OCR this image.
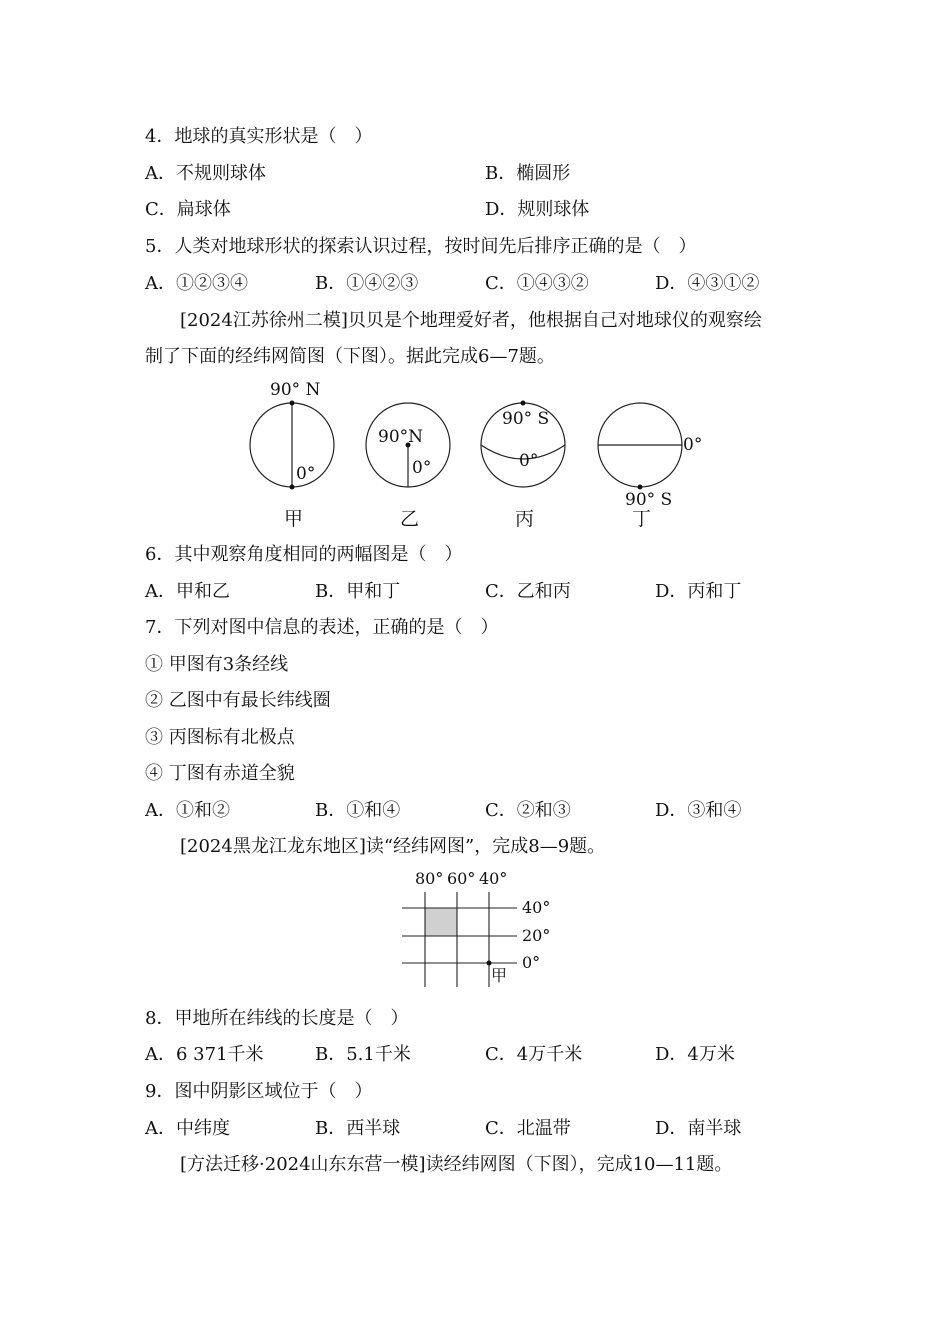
4．地球的真实形状是（　）
A．不规则球体	B．椭圆形
C．扁球体	D．规则球体
5．人类对地球形状的探索认识过程，按时间先后排序正确的是（　）
A．①②③④	B．①④②③	C．①④③②	D．④③①②
[2024江苏徐州二模]贝贝是个地理爱好者，他根据自己对地球仪的观察绘
制了下面的经纬网简图（下图）。据此完成6—7题。
90° N
0°
90°N
0°
90° S
0°
0°
90° S
甲	乙	丙	丁
6．其中观察角度相同的两幅图是（　）
A．甲和乙	B．甲和丁	C．乙和丙	D．丙和丁
7．下列对图中信息的表述，正确的是（　）
① 甲图有3条经线
② 乙图中有最长纬线圈
③ 丙图标有北极点
④ 丁图有赤道全貌
A．①和②	B．①和④	C．②和③	D．③和④
[2024黑龙江龙东地区]读“经纬网图”，完成8—9题。
80° 60° 40°
40°
20°
0°
甲
8．甲地所在纬线的长度是（　）
A．6 371千米	B．5.1千米	C．4万千米	D．4万米
9．图中阴影区域位于（　）
A．中纬度	B．西半球	C．北温带	D．南半球
[方法迁移·2024山东东营一模]读经纬网图（下图），完成10—11题。
